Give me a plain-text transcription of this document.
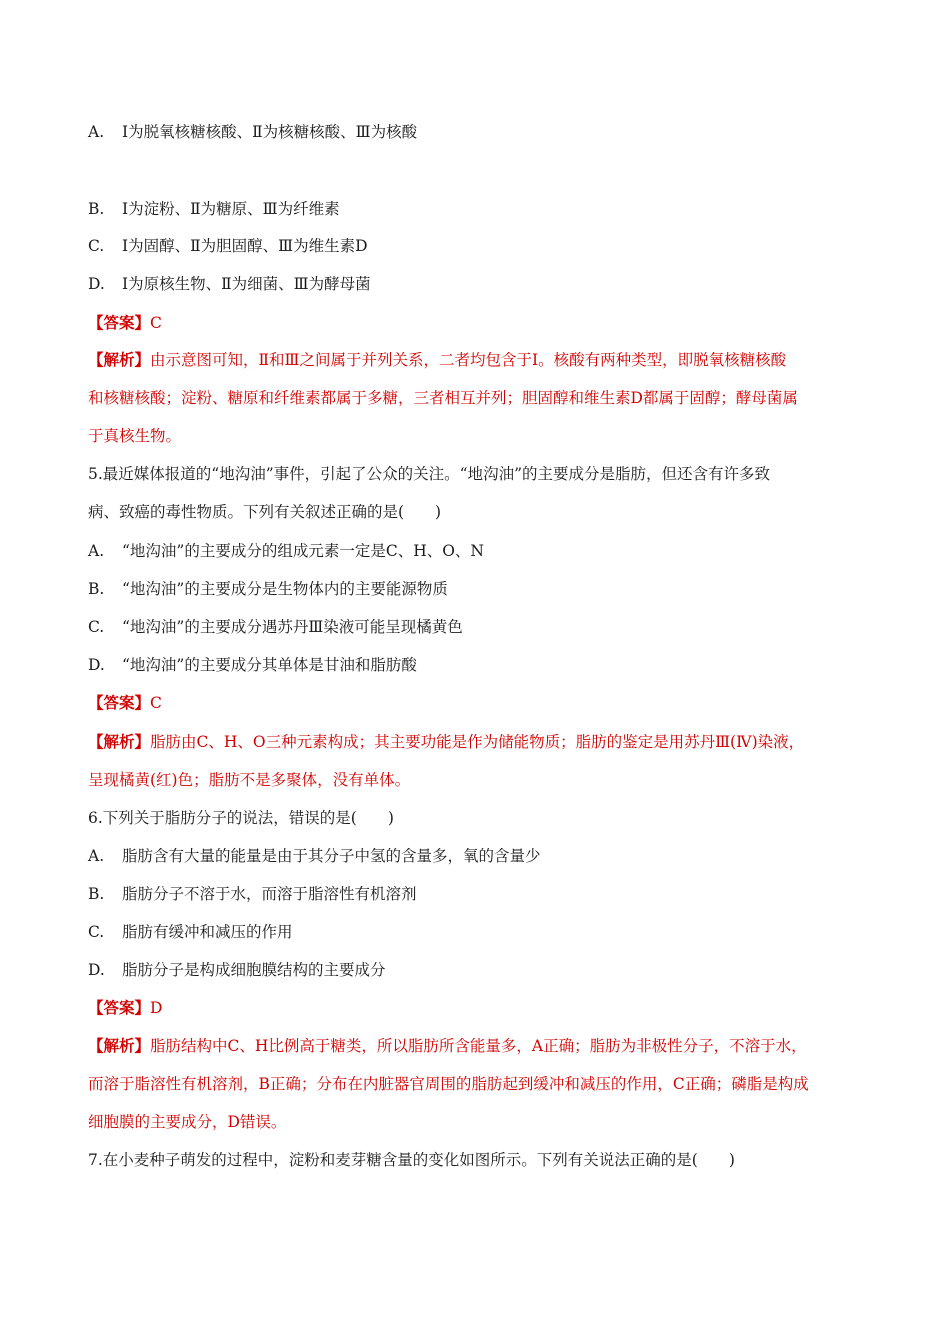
A. Ⅰ为脱氧核糖核酸、Ⅱ为核糖核酸、Ⅲ为核酸
B. Ⅰ为淀粉、Ⅱ为糖原、Ⅲ为纤维素
C. Ⅰ为固醇、Ⅱ为胆固醇、Ⅲ为维生素D
D. Ⅰ为原核生物、Ⅱ为细菌、Ⅲ为酵母菌
【答案】C
【解析】由示意图可知，Ⅱ和Ⅲ之间属于并列关系，二者均包含于Ⅰ。核酸有两种类型，即脱氧核糖核酸
和核糖核酸；淀粉、糖原和纤维素都属于多糖，三者相互并列；胆固醇和维生素D都属于固醇；酵母菌属
于真核生物。
5.最近媒体报道的“地沟油”事件，引起了公众的关注。“地沟油”的主要成分是脂肪，但还含有许多致
病、致癌的毒性物质。下列有关叙述正确的是(　　)
A. “地沟油”的主要成分的组成元素一定是C、H、O、N
B. “地沟油”的主要成分是生物体内的主要能源物质
C. “地沟油”的主要成分遇苏丹Ⅲ染液可能呈现橘黄色
D. “地沟油”的主要成分其单体是甘油和脂肪酸
【答案】C
【解析】脂肪由C、H、O三种元素构成；其主要功能是作为储能物质；脂肪的鉴定是用苏丹Ⅲ(Ⅳ)染液，
呈现橘黄(红)色；脂肪不是多聚体，没有单体。
6.下列关于脂肪分子的说法，错误的是(　　)
A. 脂肪含有大量的能量是由于其分子中氢的含量多，氧的含量少
B. 脂肪分子不溶于水，而溶于脂溶性有机溶剂
C. 脂肪有缓冲和减压的作用
D. 脂肪分子是构成细胞膜结构的主要成分
【答案】D
【解析】脂肪结构中C、H比例高于糖类，所以脂肪所含能量多，A正确；脂肪为非极性分子，不溶于水，
而溶于脂溶性有机溶剂，B正确；分布在内脏器官周围的脂肪起到缓冲和减压的作用，C正确；磷脂是构成
细胞膜的主要成分，D错误。
7.在小麦种子萌发的过程中，淀粉和麦芽糖含量的变化如图所示。下列有关说法正确的是(　　)
